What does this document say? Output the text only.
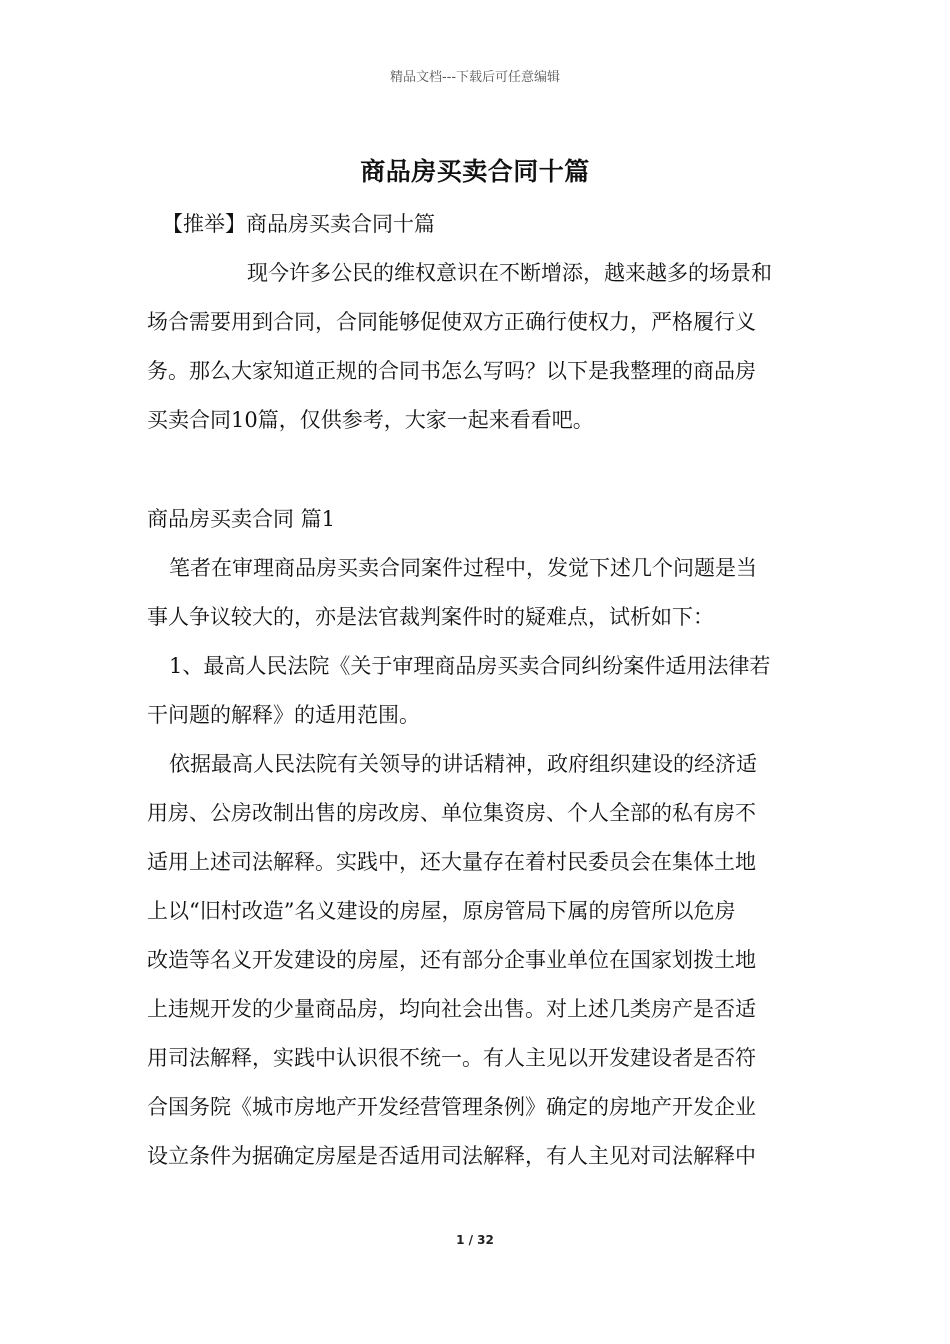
精品文档---下载后可任意编辑
商品房买卖合同十篇
【推举】商品房买卖合同十篇
现今许多公民的维权意识在不断增添，越来越多的场景和
场合需要用到合同，合同能够促使双方正确行使权力，严格履行义
务。那么大家知道正规的合同书怎么写吗？以下是我整理的商品房
买卖合同10篇，仅供参考，大家一起来看看吧。
商品房买卖合同 篇1
笔者在审理商品房买卖合同案件过程中，发觉下述几个问题是当
事人争议较大的，亦是法官裁判案件时的疑难点，试析如下：
1、最高人民法院《关于审理商品房买卖合同纠纷案件适用法律若
干问题的解释》的适用范围。
依据最高人民法院有关领导的讲话精神，政府组织建设的经济适
用房、公房改制出售的房改房、单位集资房、个人全部的私有房不
适用上述司法解释。实践中，还大量存在着村民委员会在集体土地
上以“旧村改造”名义建设的房屋，原房管局下属的房管所以危房
改造等名义开发建设的房屋，还有部分企事业单位在国家划拨土地
上违规开发的少量商品房，均向社会出售。对上述几类房产是否适
用司法解释，实践中认识很不统一。有人主见以开发建设者是否符
合国务院《城市房地产开发经营管理条例》确定的房地产开发企业
设立条件为据确定房屋是否适用司法解释，有人主见对司法解释中
1 / 32
